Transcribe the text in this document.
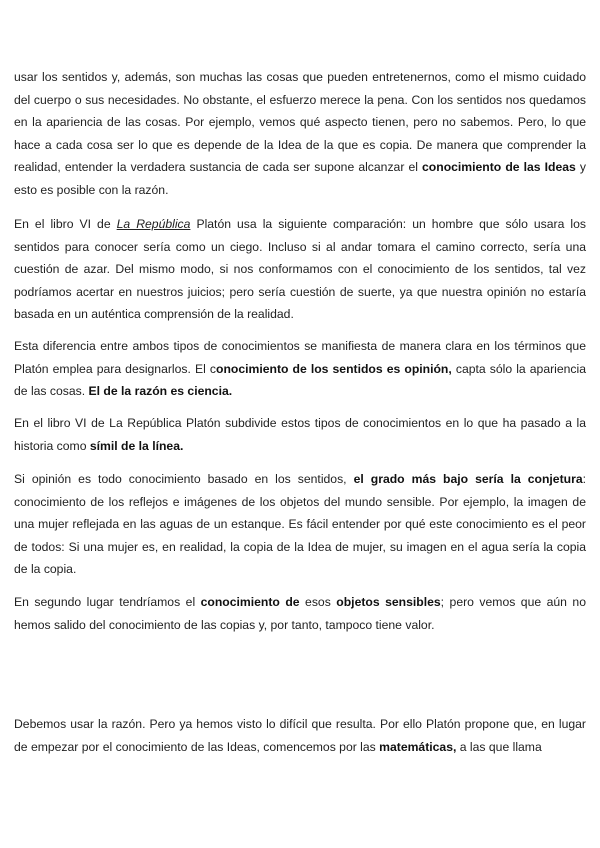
usar los sentidos y, además, son muchas las cosas que pueden entretenernos, como el mismo cuidado del cuerpo o sus necesidades. No obstante, el esfuerzo merece la pena. Con los sentidos nos quedamos en la apariencia de las cosas. Por ejemplo, vemos qué aspecto tienen, pero no sabemos. Pero, lo que hace a cada cosa ser lo que es depende de la Idea de la que es copia. De manera que comprender la realidad, entender la verdadera sustancia de cada ser supone alcanzar el conocimiento de las Ideas y esto es posible con la razón.

En el libro VI de La República Platón usa la siguiente comparación: un hombre que sólo usara los sentidos para conocer sería como un ciego. Incluso si al andar tomara el camino correcto, sería una cuestión de azar. Del mismo modo, si nos conformamos con el conocimiento de los sentidos, tal vez podríamos acertar en nuestros juicios; pero sería cuestión de suerte, ya que nuestra opinión no estaría basada en un auténtica comprensión de la realidad.

Esta diferencia entre ambos tipos de conocimientos se manifiesta de manera clara en los términos que Platón emplea para designarlos. El conocimiento de los sentidos es opinión, capta sólo la apariencia de las cosas. El de la razón es ciencia.

En el libro VI de La República Platón subdivide estos tipos de conocimientos en lo que ha pasado a la historia como símil de la línea.

Si opinión es todo conocimiento basado en los sentidos, el grado más bajo sería la conjetura: conocimiento de los reflejos e imágenes de los objetos del mundo sensible. Por ejemplo, la imagen de una mujer reflejada en las aguas de un estanque. Es fácil entender por qué este conocimiento es el peor de todos: Si una mujer es, en realidad, la copia de la Idea de mujer, su imagen en el agua sería la copia de la copia.

En segundo lugar tendríamos el conocimiento de esos objetos sensibles; pero vemos que aún no hemos salido del conocimiento de las copias y, por tanto, tampoco tiene valor.

Debemos usar la razón. Pero ya hemos visto lo difícil que resulta. Por ello Platón propone que, en lugar de empezar por el conocimiento de las Ideas, comencemos por las matemáticas, a las que llama
